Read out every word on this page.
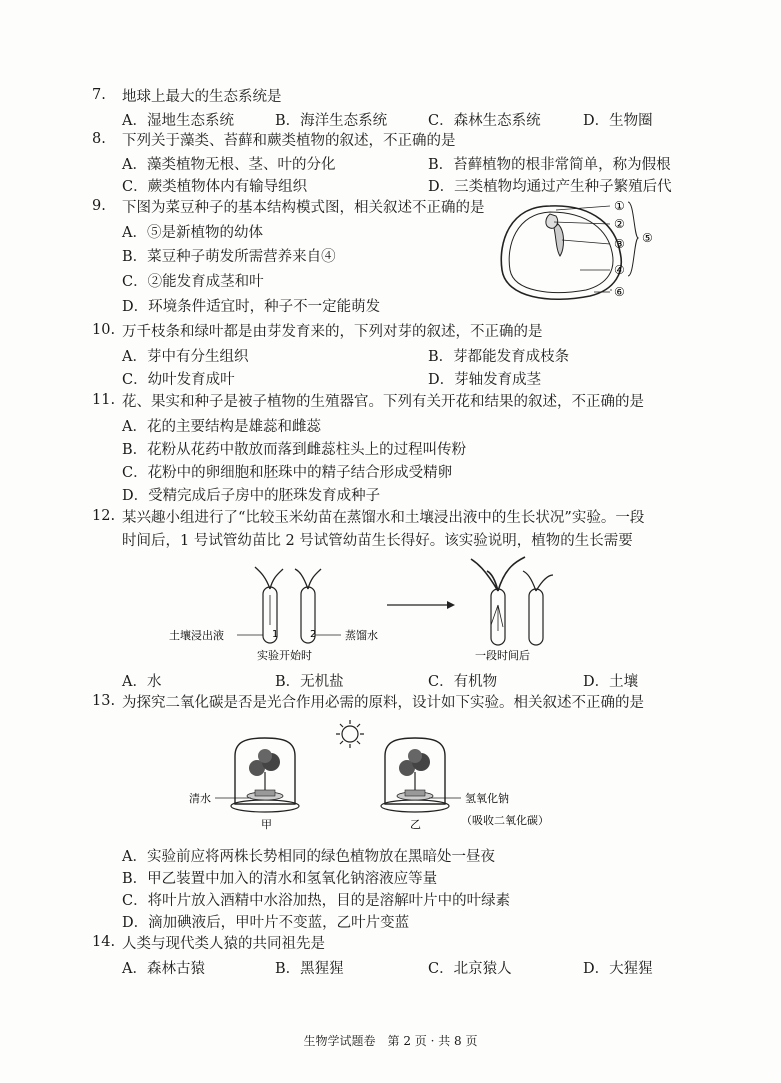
7. 地球上最大的生态系统是
A．湿地生态系统	B．海洋生态系统	C．森林生态系统	D．生物圈
8. 下列关于藻类、苔藓和蕨类植物的叙述，不正确的是
A．藻类植物无根、茎、叶的分化	B．苔藓植物的根非常简单，称为假根
C．蕨类植物体内有输导组织	D．三类植物均通过产生种子繁殖后代
9. 下图为菜豆种子的基本结构模式图，相关叙述不正确的是
A．⑤是新植物的幼体
B．菜豆种子萌发所需营养来自④
C．②能发育成茎和叶
D．环境条件适宜时，种子不一定能萌发
①
②
③
④
⑥
⑤
10. 万千枝条和绿叶都是由芽发育来的，下列对芽的叙述，不正确的是
A．芽中有分生组织	B．芽都能发育成枝条
C．幼叶发育成叶	D．芽轴发育成茎
11. 花、果实和种子是被子植物的生殖器官。下列有关开花和结果的叙述，不正确的是
A．花的主要结构是雄蕊和雌蕊
B．花粉从花药中散放而落到雌蕊柱头上的过程叫传粉
C．花粉中的卵细胞和胚珠中的精子结合形成受精卵
D．受精完成后子房中的胚珠发育成种子
12. 某兴趣小组进行了“比较玉米幼苗在蒸馏水和土壤浸出液中的生长状况”实验。一段
时间后，1 号试管幼苗比 2 号试管幼苗生长得好。该实验说明，植物的生长需要
1	2
土壤浸出液	蒸馏水
实验开始时	一段时间后
A．水	B．无机盐	C．有机物	D．土壤
13. 为探究二氧化碳是否是光合作用必需的原料，设计如下实验。相关叙述不正确的是
清水	氢氧化钠
（吸收二氧化碳）
甲	乙
A．实验前应将两株长势相同的绿色植物放在黑暗处一昼夜
B．甲乙装置中加入的清水和氢氧化钠溶液应等量
C．将叶片放入酒精中水浴加热，目的是溶解叶片中的叶绿素
D．滴加碘液后，甲叶片不变蓝，乙叶片变蓝
14. 人类与现代类人猿的共同祖先是
A．森林古猿	B．黑猩猩	C．北京猿人	D．大猩猩
生物学试题卷　第 2 页 · 共 8 页
